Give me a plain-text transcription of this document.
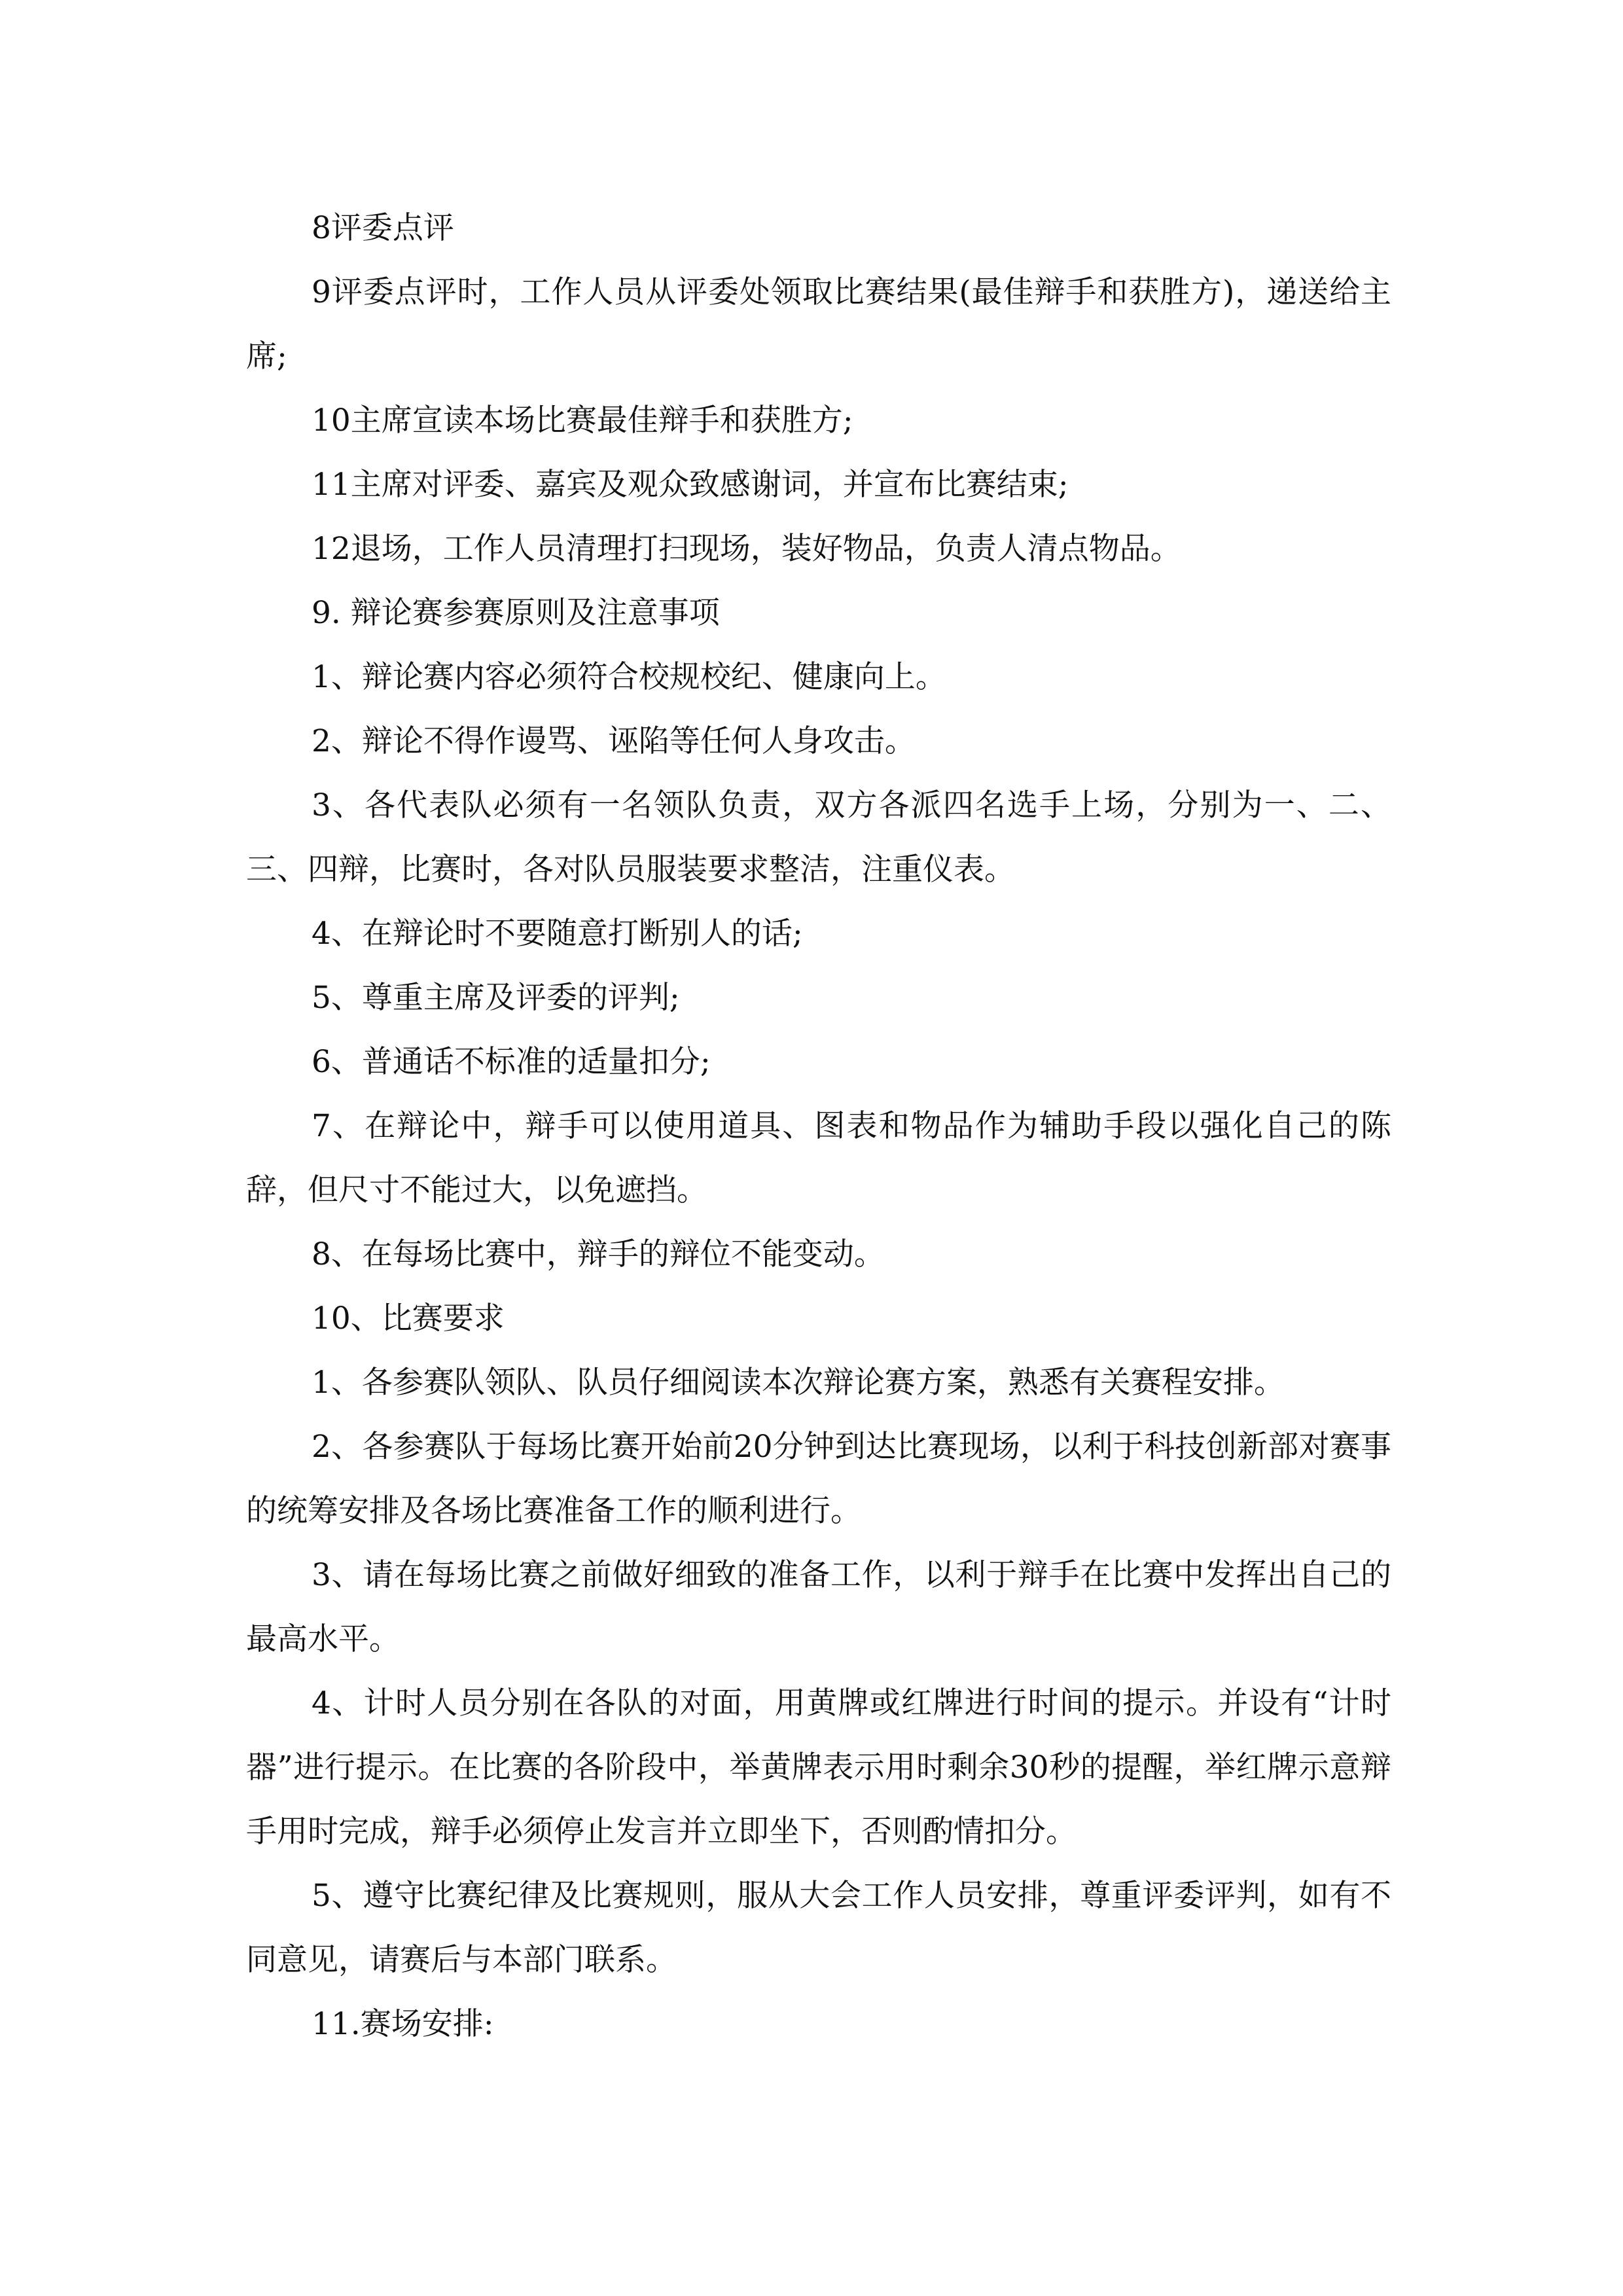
8评委点评

9评委点评时，工作人员从评委处领取比赛结果(最佳辩手和获胜方)，递送给主席;

10主席宣读本场比赛最佳辩手和获胜方;

11主席对评委、嘉宾及观众致感谢词，并宣布比赛结束;

12退场，工作人员清理打扫现场，装好物品，负责人清点物品。

9. 辩论赛参赛原则及注意事项

1、辩论赛内容必须符合校规校纪、健康向上。

2、辩论不得作谩骂、诬陷等任何人身攻击。

3、各代表队必须有一名领队负责，双方各派四名选手上场，分别为一、二、三、四辩，比赛时，各对队员服装要求整洁，注重仪表。

4、在辩论时不要随意打断别人的话;

5、尊重主席及评委的评判;

6、普通话不标准的适量扣分;

7、在辩论中，辩手可以使用道具、图表和物品作为辅助手段以强化自己的陈辞，但尺寸不能过大，以免遮挡。

8、在每场比赛中，辩手的辩位不能变动。

10、比赛要求

1、各参赛队领队、队员仔细阅读本次辩论赛方案，熟悉有关赛程安排。

2、各参赛队于每场比赛开始前20分钟到达比赛现场，以利于科技创新部对赛事的统筹安排及各场比赛准备工作的顺利进行。

3、请在每场比赛之前做好细致的准备工作，以利于辩手在比赛中发挥出自己的最高水平。

4、计时人员分别在各队的对面，用黄牌或红牌进行时间的提示。并设有“计时器”进行提示。在比赛的各阶段中，举黄牌表示用时剩余30秒的提醒，举红牌示意辩手用时完成，辩手必须停止发言并立即坐下，否则酌情扣分。

5、遵守比赛纪律及比赛规则，服从大会工作人员安排，尊重评委评判，如有不同意见，请赛后与本部门联系。

11.赛场安排:
